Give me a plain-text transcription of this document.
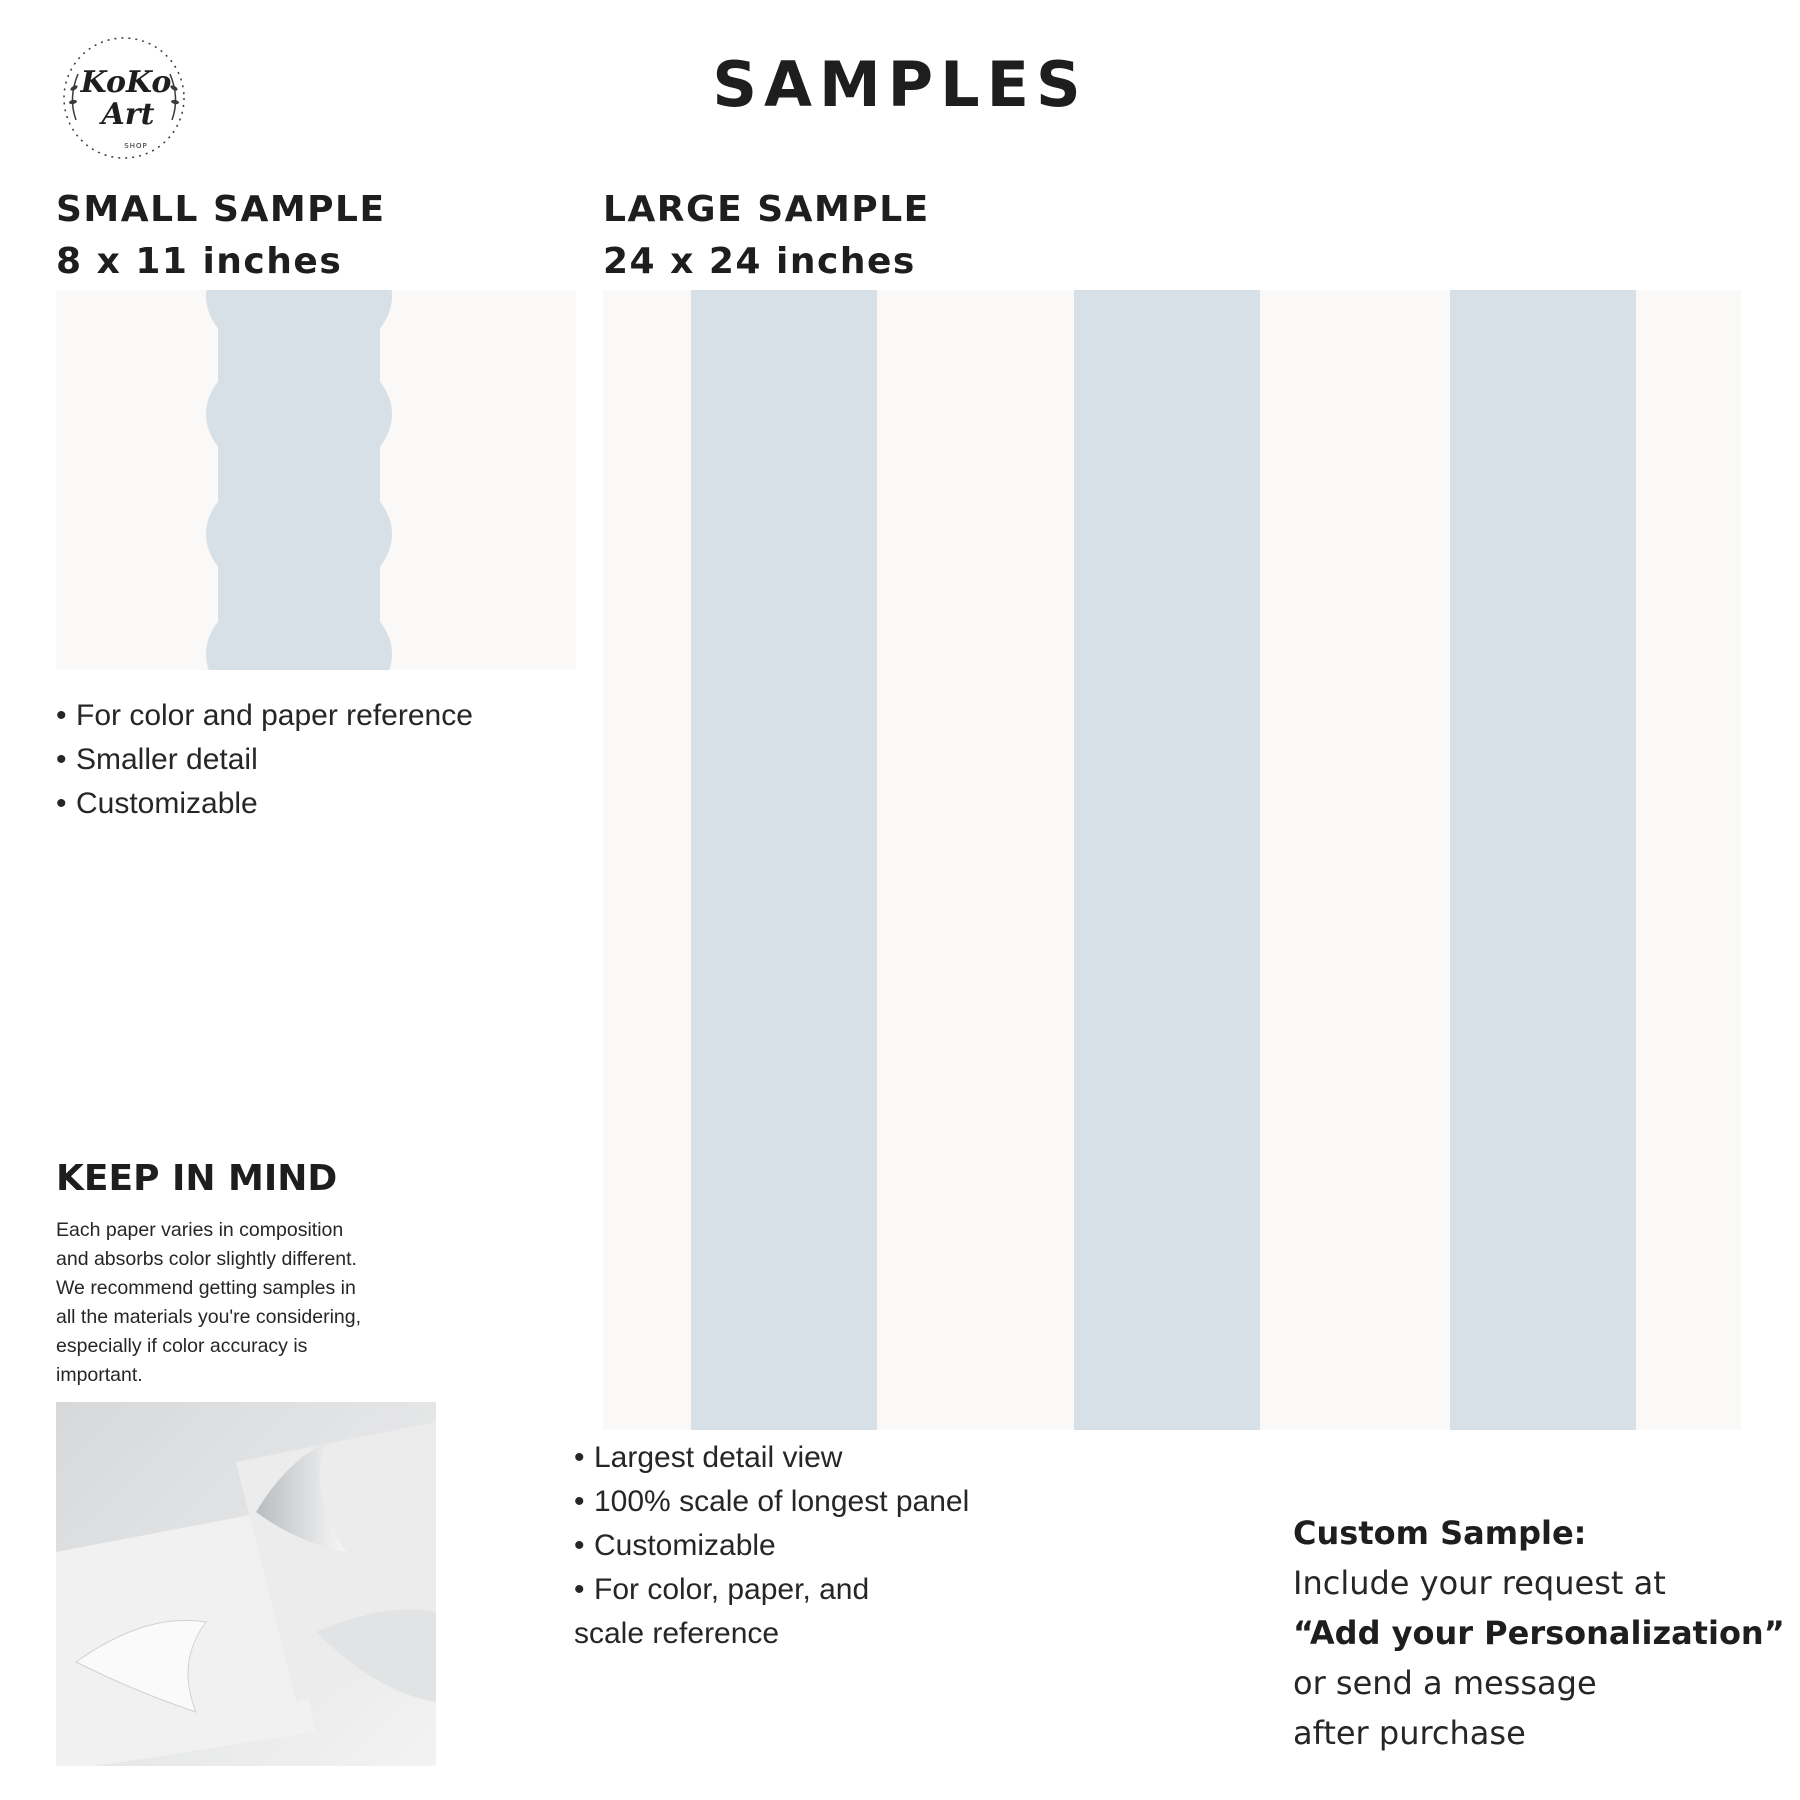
KoKo
Art
SHOP
SAMPLES

SMALL SAMPLE

8 x 11 inches

• For color and paper reference
• Smaller detail
• Customizable

LARGE SAMPLE

24 x 24 inches

• Largest detail view
• 100% scale of longest panel
• Customizable
• For color, paper, and
scale reference
KEEP IN MIND
Each paper varies in composition
and absorbs color slightly different.
We recommend getting samples in
all the materials you're considering,
especially if color accuracy is
important.

Custom Sample:

Include your request at

“Add your Personalization”

or send a message

after purchase
